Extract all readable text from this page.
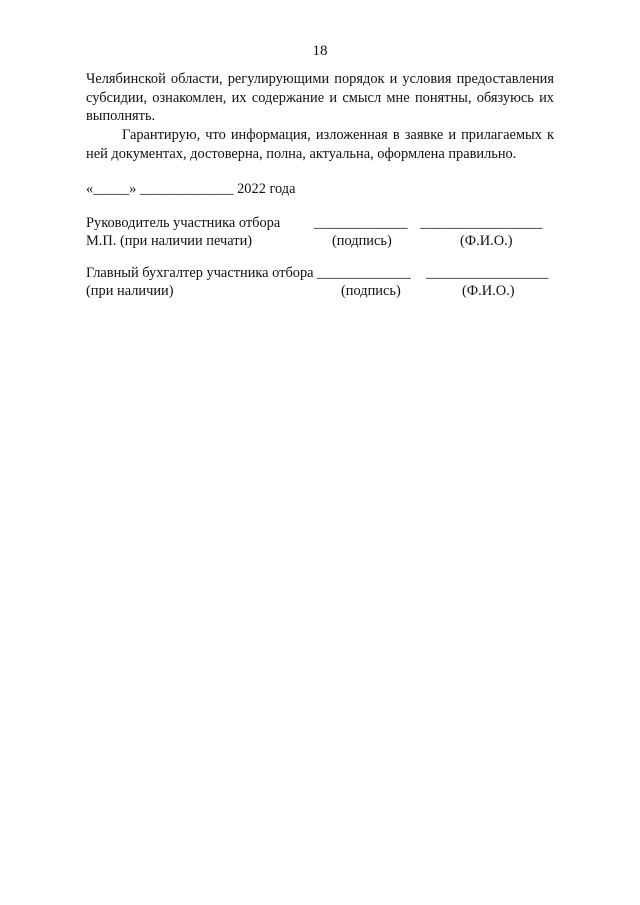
18
Челябинской области, регулирующими порядок и условия предоставления субсидии, ознакомлен, их содержание и смысл мне понятны, обязуюсь их выполнять.
Гарантирую, что информация, изложенная в заявке и прилагаемых к ней документах, достоверна, полна, актуальна, оформлена правильно.
«_____» _____________ 2022 года
Руководитель участника отбора
М.П. (при наличии печати)
_____________ _________________
(подпись)	(Ф.И.О.)
Главный бухгалтер участника отбора _____________
(при наличии)
_________________
(подпись)	(Ф.И.О.)
